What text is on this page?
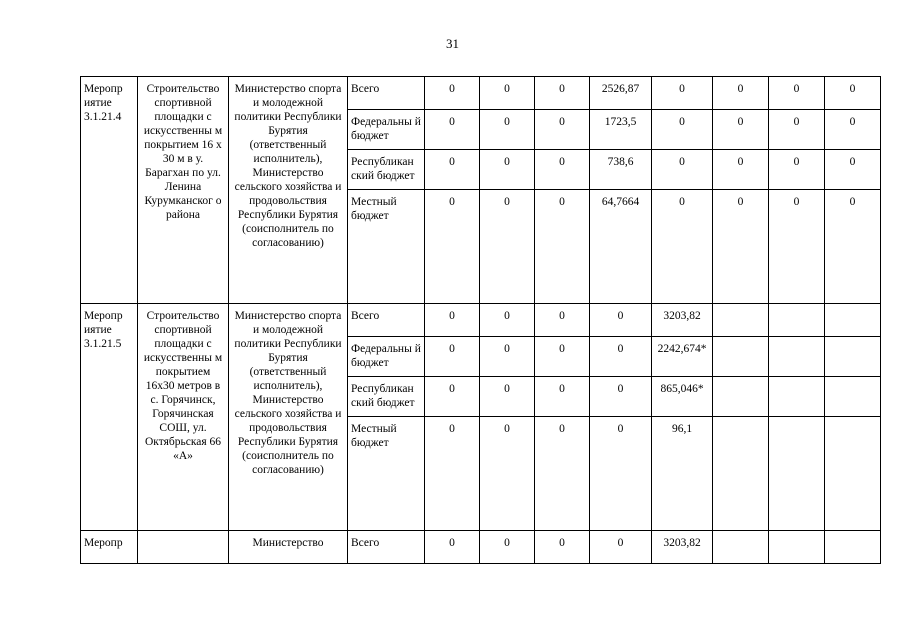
31
Меропр иятие 3.1.21.4	Строительство спортивной площадки с искусственны м покрытием 16 х 30 м в у. Барагхан по ул. Ленина Курумканског о района	Министерство спорта и молодежной политики Республики Бурятия (ответственный исполнитель), Министерство сельского хозяйства и продовольствия Республики Бурятия (соисполнитель по согласованию)	Всего	0	0	0	2526,87	0	0	0	0
			Федеральны й бюджет	0	0	0	1723,5	0	0	0	0
			Республикан ский бюджет	0	0	0	738,6	0	0	0	0
			Местный бюджет	0	0	0	64,7664	0	0	0	0
Меропр иятие 3.1.21.5	Строительство спортивной площадки с искусственны м покрытием 16х30 метров в с. Горячинск, Горячинская СОШ, ул. Октябрьская 66 «А»	Министерство спорта и молодежной политики Республики Бурятия (ответственный исполнитель), Министерство сельского хозяйства и продовольствия Республики Бурятия (соисполнитель по согласованию)	Всего	0	0	0	0	3203,82			
			Федеральны й бюджет	0	0	0	0	2242,674*			
			Республикан ский бюджет	0	0	0	0	865,046*			
			Местный бюджет	0	0	0	0	96,1			
Меропр		Министерство	Всего	0	0	0	0	3203,82			
